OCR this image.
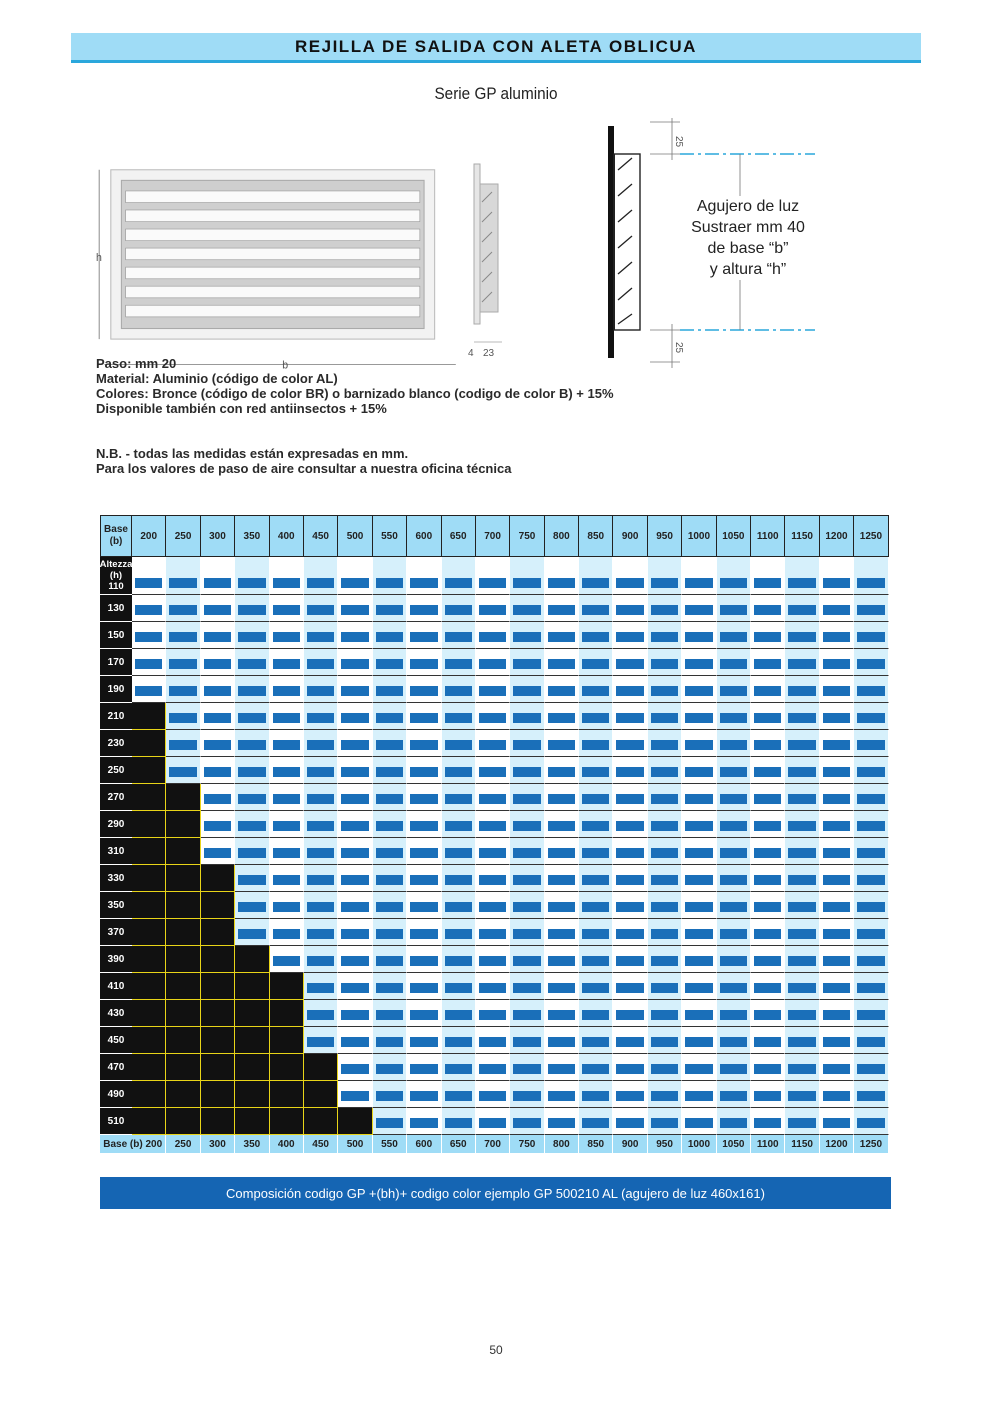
REJILLA DE SALIDA CON ALETA OBLICUA
Serie GP aluminio
h
b
4 23
25
25
Agujero de luz
Sustraer mm 40
de base “b”
y altura “h”
Paso: mm 20
Material: Aluminio (código de color AL)
Colores: Bronce (código de color BR) o barnizado blanco (codigo de color B) + 15%
Disponible también con red antiinsectos + 15%
N.B. - todas las medidas están expresadas en mm.
Para los valores de paso de aire consultar a nuestra oficina técnica
Base
(b)	200	250	300	350	400	450	500	550	600	650	700	750	800	850	900	950	1000	1050	1100	1150	1200	1250
Altezza
(h)
110
130
150
170
190
210
230
250
270
290
310
330
350
370
390
410
430
450
470
490
510
Base (b) 200	250	300	350	400	450	500	550	600	650	700	750	800	850	900	950	1000	1050	1100	1150	1200	1250
Composición codigo GP +(bh)+ codigo color ejemplo GP 500210 AL (agujero de luz 460x161)
50
